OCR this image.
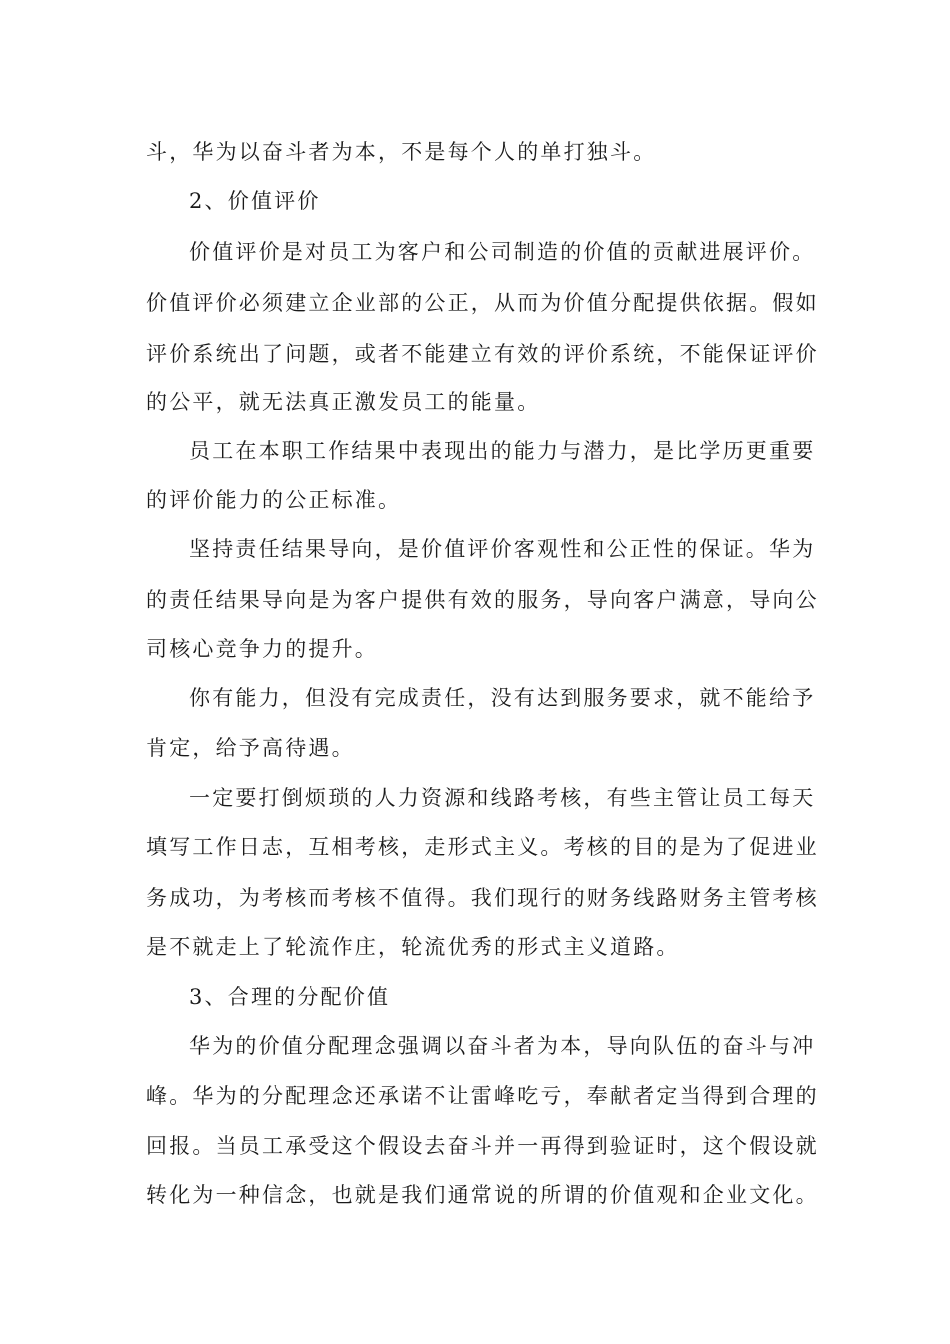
斗，华为以奋斗者为本，不是每个人的单打独斗。
2、价值评价
价值评价是对员工为客户和公司制造的价值的贡献进展评价。
价值评价必须建立企业部的公正，从而为价值分配提供依据。假如
评价系统出了问题，或者不能建立有效的评价系统，不能保证评价
的公平，就无法真正激发员工的能量。
员工在本职工作结果中表现出的能力与潜力，是比学历更重要
的评价能力的公正标准。
坚持责任结果导向，是价值评价客观性和公正性的保证。华为
的责任结果导向是为客户提供有效的服务，导向客户满意，导向公
司核心竞争力的提升。
你有能力，但没有完成责任，没有达到服务要求，就不能给予
肯定，给予高待遇。
一定要打倒烦琐的人力资源和线路考核，有些主管让员工每天
填写工作日志，互相考核，走形式主义。考核的目的是为了促进业
务成功，为考核而考核不值得。我们现行的财务线路财务主管考核
是不就走上了轮流作庄，轮流优秀的形式主义道路。
3、合理的分配价值
华为的价值分配理念强调以奋斗者为本，导向队伍的奋斗与冲
峰。华为的分配理念还承诺不让雷峰吃亏，奉献者定当得到合理的
回报。当员工承受这个假设去奋斗并一再得到验证时，这个假设就
转化为一种信念，也就是我们通常说的所谓的价值观和企业文化。
